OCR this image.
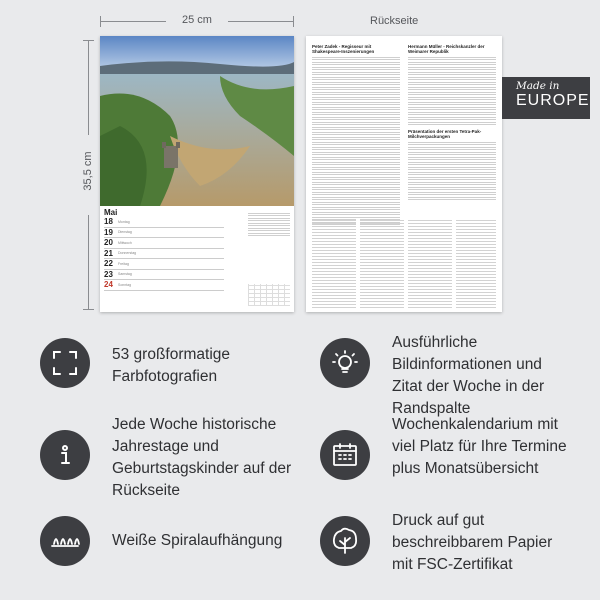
25 cm
35,5 cm
Rückseite
Mai
18	Montag
19	Dienstag
20	Mittwoch
21	Donnerstag
22	Freitag
23	Samstag
24	Sonntag
Peter Zadek - Regisseur mit Shakespeare-Inszenierungen
Hermann Müller - Reichskanzler der Weimarer Republik
Präsentation der ersten Tetra-Pak-Milchverpackungen
Made in
EUROPE
53 großformatige Farbfotografien
Ausführliche Bildinformationen und Zitat der Woche in der Randspalte
Jede Woche historische Jahrestage und Geburtstagskinder auf der Rückseite
Wochenkalendarium mit viel Platz für Ihre Termine plus Monatsübersicht
Weiße Spiralaufhängung
Druck auf gut beschreibbarem Papier mit FSC-Zertifikat
